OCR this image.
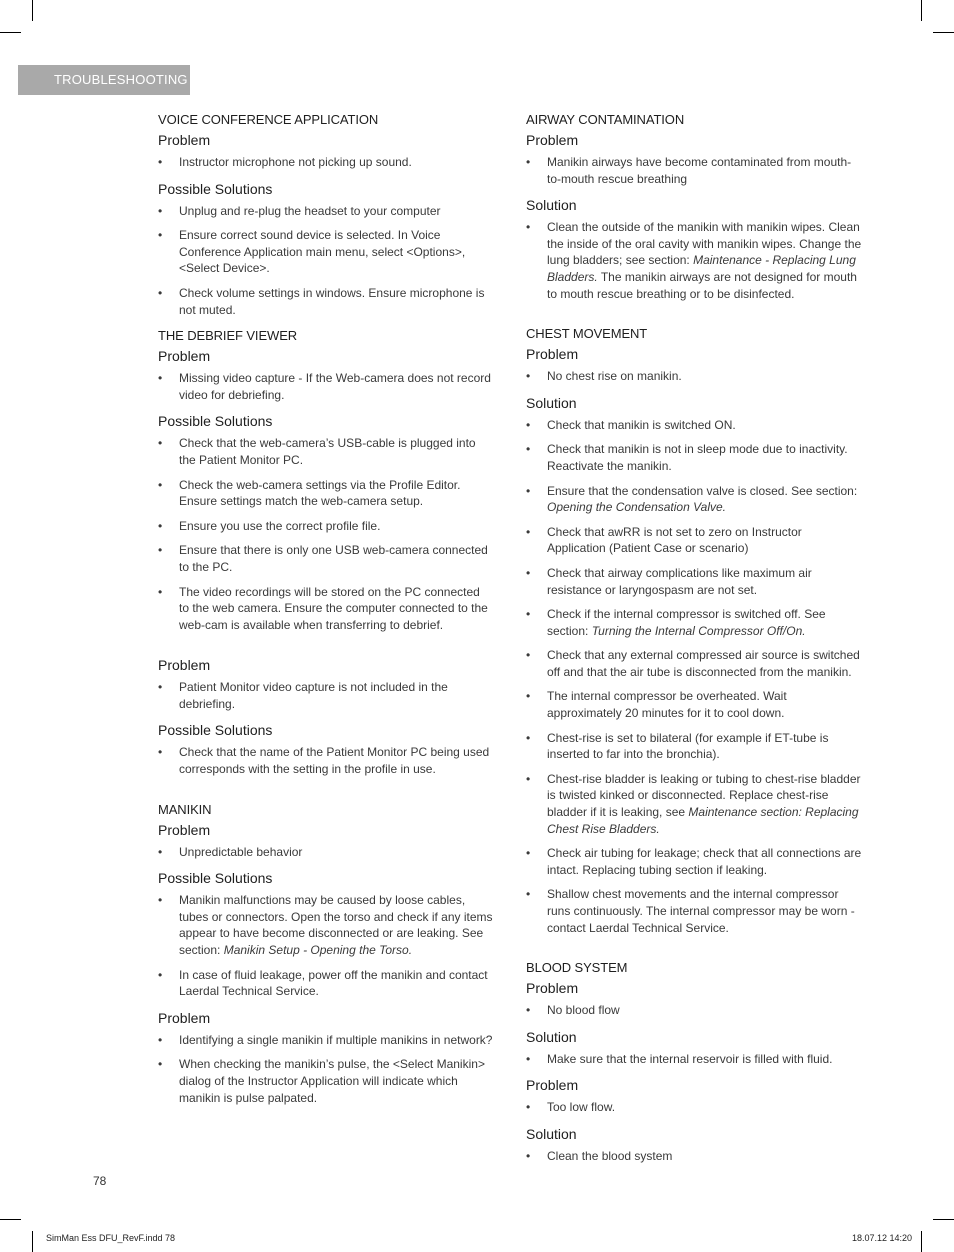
TROUBLESHOOTING
VOICE CONFERENCE APPLICATION
Problem
• Instructor microphone not picking up sound.
Possible Solutions
• Unplug and re-plug the headset to your computer
• Ensure correct sound device is selected. In Voice Conference Application main menu, select <Options>, <Select Device>.
• Check volume settings in windows. Ensure microphone is not muted.
THE DEBRIEF VIEWER
Problem
• Missing video capture - If the Web-camera does not record video for debriefing.
Possible Solutions
• Check that the web-camera’s USB-cable is plugged into the Patient Monitor PC.
• Check the web-camera settings via the Profile Editor. Ensure settings match the web-camera setup.
• Ensure you use the correct profile file.
• Ensure that there is only one USB web-camera connected to the PC.
• The video recordings will be stored on the PC connected to the web camera. Ensure the computer connected to the web-cam is available when transferring to debrief.
Problem
• Patient Monitor video capture is not included in the debriefing.
Possible Solutions
• Check that the name of the Patient Monitor PC being used corresponds with the setting in the profile in use.
MANIKIN
Problem
• Unpredictable behavior
Possible Solutions
• Manikin malfunctions may be caused by loose cables, tubes or connectors. Open the torso and check if any items appear to have become disconnected or are leaking. See section: Manikin Setup - Opening the Torso.
• In case of fluid leakage, power off the manikin and contact Laerdal Technical Service.
Problem
• Identifying a single manikin if multiple manikins in network?
• When checking the manikin’s pulse, the <Select Manikin> dialog of the Instructor Application will indicate which manikin is pulse palpated.
AIRWAY CONTAMINATION
Problem
• Manikin airways have become contaminated from mouth-to-mouth rescue breathing
Solution
• Clean the outside of the manikin with manikin wipes. Clean the inside of the oral cavity with manikin wipes. Change the lung bladders; see section: Maintenance - Replacing Lung Bladders. The manikin airways are not designed for mouth to mouth rescue breathing or to be disinfected.
CHEST MOVEMENT
Problem
• No chest rise on manikin.
Solution
• Check that manikin is switched ON.
• Check that manikin is not in sleep mode due to inactivity. Reactivate the manikin.
• Ensure that the condensation valve is closed. See section: Opening the Condensation Valve.
• Check that awRR is not set to zero on Instructor Application (Patient Case or scenario)
• Check that airway complications like maximum air resistance or laryngospasm are not set.
• Check if the internal compressor is switched off. See section: Turning the Internal Compressor Off/On.
• Check that any external compressed air source is switched off and that the air tube is disconnected from the manikin.
• The internal compressor be overheated. Wait approximately 20 minutes for it to cool down.
• Chest-rise is set to bilateral (for example if ET-tube is inserted to far into the bronchia).
• Chest-rise bladder is leaking or tubing to chest-rise bladder is twisted kinked or disconnected. Replace chest-rise bladder if it is leaking, see Maintenance section: Replacing Chest Rise Bladders.
• Check air tubing for leakage; check that all connections are intact. Replacing tubing section if leaking.
• Shallow chest movements and the internal compressor runs continuously. The internal compressor may be worn - contact Laerdal Technical Service.
BLOOD SYSTEM
Problem
• No blood flow
Solution
• Make sure that the internal reservoir is filled with fluid.
Problem
• Too low flow.
Solution
• Clean the blood system
78
SimMan Ess DFU_RevF.indd 78	18.07.12 14:20
